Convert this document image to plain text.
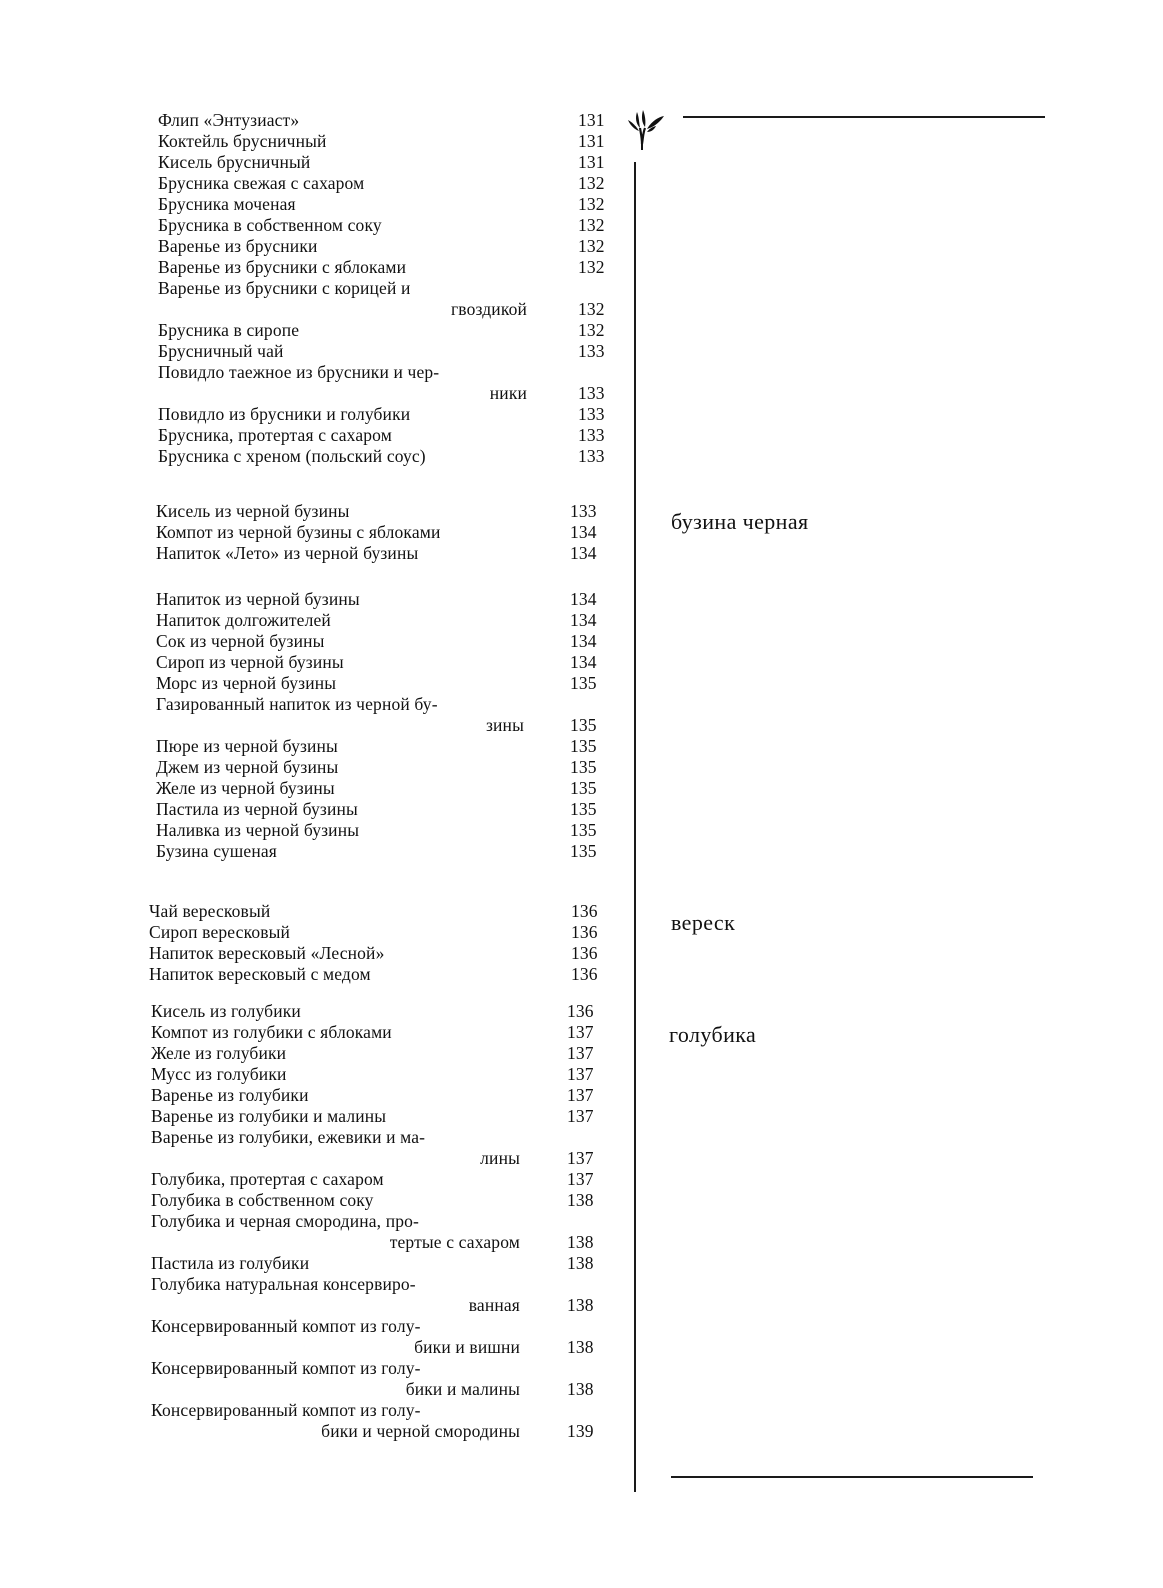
Флип «Энтузиаст»	131
Коктейль брусничный	131
Кисель брусничный	131
Брусника свежая с сахаром	132
Брусника моченая	132
Брусника в собственном соку	132
Варенье из брусники	132
Варенье из брусники с яблоками	132
Варенье из брусники с корицей и
гвоздикой	132
Брусника в сиропе	132
Брусничный чай	133
Повидло таежное из брусники и чер-
ники	133
Повидло из брусники и голубики	133
Брусника, протертая с сахаром	133
Брусника с хреном (польский соус)	133
Кисель из черной бузины	133
Компот из черной бузины с яблоками	134
Напиток «Лето» из черной бузины	134
Напиток из черной бузины	134
Напиток долгожителей	134
Сок из черной бузины	134
Сироп из черной бузины	134
Морс из черной бузины	135
Газированный напиток из черной бу-
зины	135
Пюре из черной бузины	135
Джем из черной бузины	135
Желе из черной бузины	135
Пастила из черной бузины	135
Наливка из черной бузины	135
Бузина сушеная	135
Чай вересковый	136
Сироп вересковый	136
Напиток вересковый «Лесной»	136
Напиток вересковый с медом	136
Кисель из голубики	136
Компот из голубики с яблоками	137
Желе из голубики	137
Мусс из голубики	137
Варенье из голубики	137
Варенье из голубики и малины	137
Варенье из голубики, ежевики и ма-
лины	137
Голубика, протертая с сахаром	137
Голубика в собственном соку	138
Голубика и черная смородина, про-
тертые с сахаром	138
Пастила из голубики	138
Голубика натуральная консервиро-
ванная	138
Консервированный компот из голу-
бики и вишни	138
Консервированный компот из голу-
бики и малины	138
Консервированный компот из голу-
бики и черной смородины	139
бузина черная
вереск
голубика
